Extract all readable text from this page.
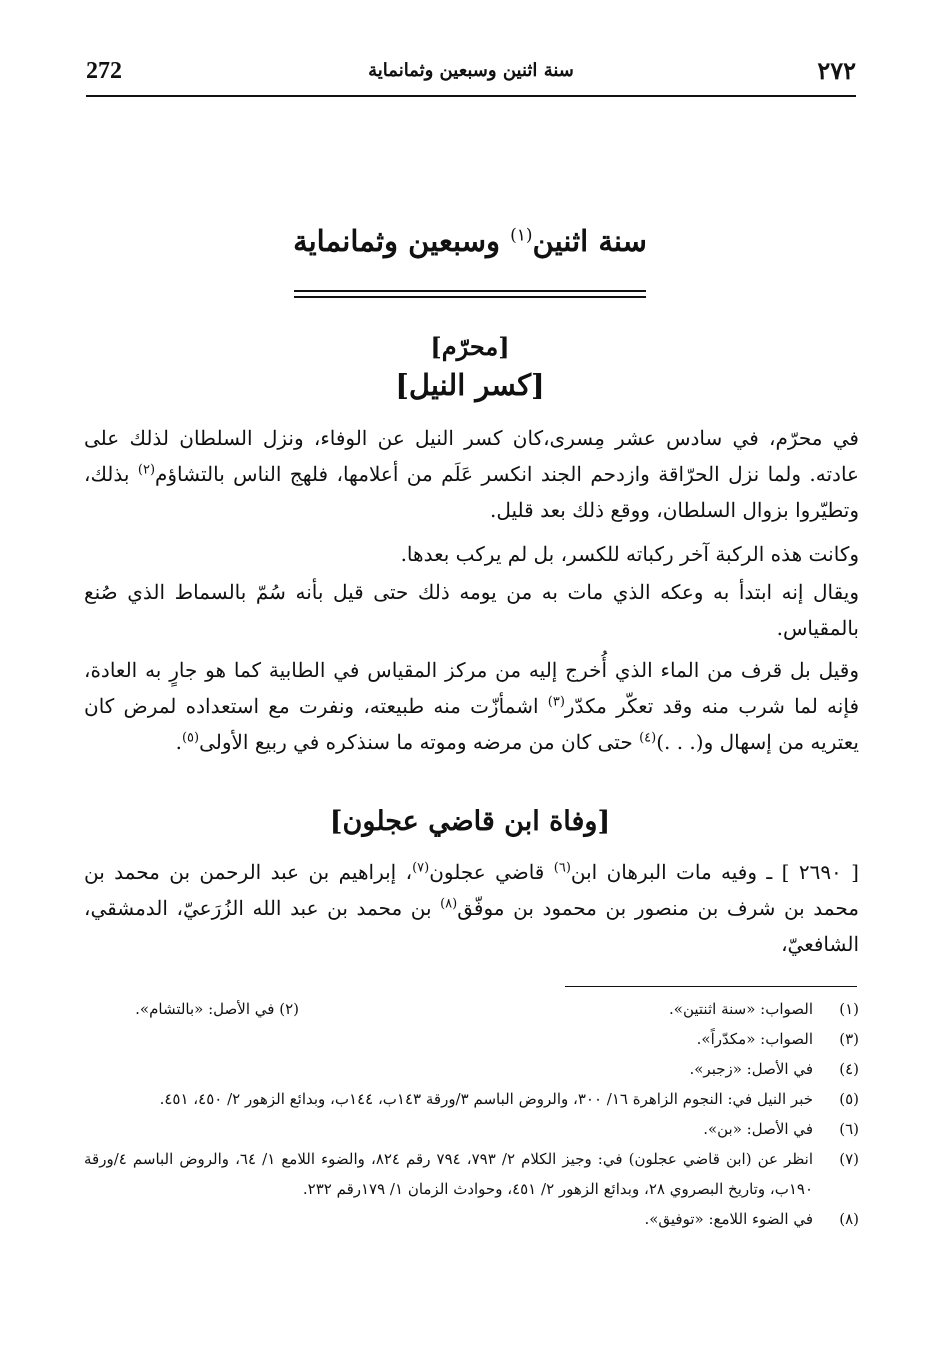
272	سنة اثنين وسبعين وثمانماية	٢٧٢
سنة اثنين$^{(١)}$ وسبعين وثمانماية
[محرّم]
[كسر النيل]
في محرّم، في سادس عشر مِسرى،كان كسر النيل عن الوفاء، ونزل السلطان لذلك على عادته. ولما نزل الحرّاقة وازدحم الجند انكسر عَلَم من أعلامها، فلهج الناس بالتشاؤم$^{(٢)}$ بذلك، وتطيّروا بزوال السلطان، ووقع ذلك بعد قليل.
وكانت هذه الركبة آخر ركباته للكسر، بل لم يركب بعدها.
ويقال إنه ابتدأ به وعكه الذي مات به من يومه ذلك حتى قيل بأنه سُمّ بالسماط الذي صُنع بالمقياس.
وقيل بل قرف من الماء الذي أُخرج إليه من مركز المقياس في الطابية كما هو جارٍ به العادة، فإنه لما شرب منه وقد تعكّر مكدّر$^{(٣)}$ اشمأزّت منه طبيعته، ونفرت مع استعداده لمرض كان يعتريه من إسهال و(. . .)$^{(٤)}$ حتى كان من مرضه وموته ما سنذكره في ربيع الأولى$^{(٥)}$.
[وفاة ابن قاضي عجلون]
[ ٢٦٩٠ ] ـ وفيه مات البرهان ابن$^{(٦)}$ قاضي عجلون$^{(٧)}$، إبراهيم بن عبد الرحمن بن محمد بن محمد بن شرف بن منصور بن محمود بن موفّق$^{(٨)}$ بن محمد بن عبد الله الزُرَعيّ، الدمشقي، الشافعيّ،
(١)
الصواب: «سنة اثنتين».
(٢) في الأصل: «بالتشام».
(٣)
الصواب: «مكدّراً».
(٤)
في الأصل: «زجبر».
(٥)
خبر النيل في: النجوم الزاهرة ١٦/ ٣٠٠، والروض الباسم ٣/ورقة ١٤٣ب، ١٤٤ب، وبدائع الزهور ٢/ ٤٥٠، ٤٥١.
(٦)
في الأصل: «بن».
(٧)
انظر عن (ابن قاضي عجلون) في: وجيز الكلام ٢/ ٧٩٣، ٧٩٤ رقم ٨٢٤، والضوء اللامع ١/ ٦٤، والروض الباسم ٤/ورقة ١٩٠ب، وتاريخ البصروي ٢٨، وبدائع الزهور ٢/ ٤٥١، وحوادث الزمان ١/ ١٧٩رقم ٢٣٢.
(٨)
في الضوء اللامع: «توفيق».
